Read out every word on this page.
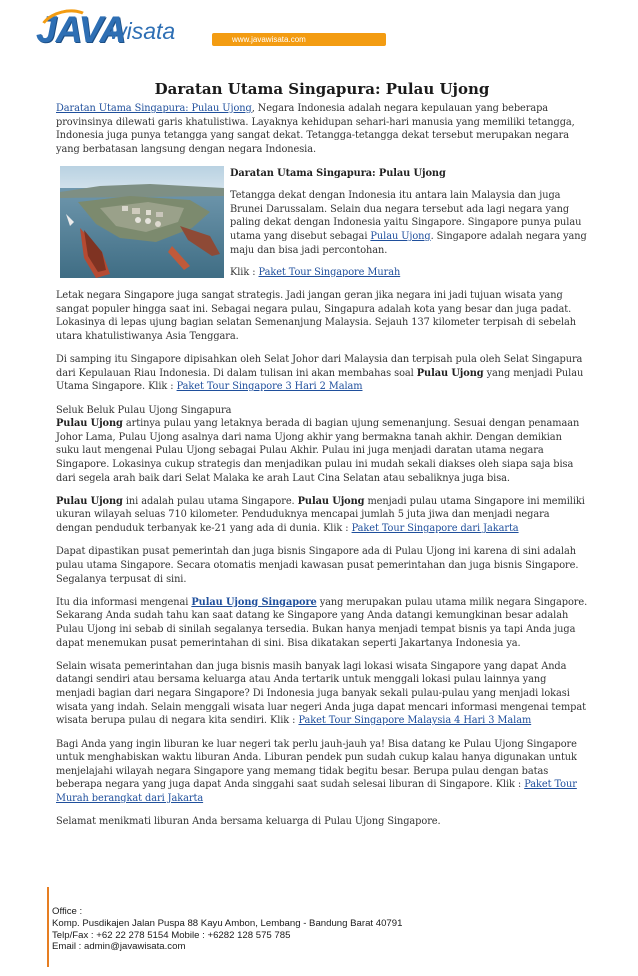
JAVA
wisata	www.javawisata.com
Daratan Utama Singapura: Pulau Ujong

Daratan Utama Singapura: Pulau Ujong, Negara Indonesia adalah negara kepulauan yang beberapa provinsinya dilewati garis khatulistiwa. Layaknya kehidupan sehari-hari manusia yang memiliki tetangga, Indonesia juga punya tetangga yang sangat dekat. Tetangga-tetangga dekat tersebut merupakan negara yang berbatasan langsung dengan negara Indonesia.

Daratan Utama Singapura: Pulau Ujong

Tetangga dekat dengan Indonesia itu antara lain Malaysia dan juga Brunei Darussalam. Selain dua negara tersebut ada lagi negara yang paling dekat dengan Indonesia yaitu Singapore. Singapore punya pulau utama yang disebut sebagai Pulau Ujong. Singapore adalah negara yang maju dan bisa jadi percontohan.

Klik : Paket Tour Singapore Murah

Letak negara Singapore juga sangat strategis. Jadi jangan geran jika negara ini jadi tujuan wisata yang sangat populer hingga saat ini. Sebagai negara pulau, Singapura adalah kota yang besar dan juga padat. Lokasinya di lepas ujung bagian selatan Semenanjung Malaysia. Sejauh 137 kilometer terpisah di sebelah utara khatulistiwanya Asia Tenggara.

Di samping itu Singapore dipisahkan oleh Selat Johor dari Malaysia dan terpisah pula oleh Selat Singapura dari Kepulauan Riau Indonesia. Di dalam tulisan ini akan membahas soal Pulau Ujong yang menjadi Pulau Utama Singapore. Klik : Paket Tour Singapore 3 Hari 2 Malam

Seluk Beluk Pulau Ujong Singapura
Pulau Ujong artinya pulau yang letaknya berada di bagian ujung semenanjung. Sesuai dengan penamaan Johor Lama, Pulau Ujong asalnya dari nama Ujong akhir yang bermakna tanah akhir. Dengan demikian suku laut mengenai Pulau Ujong sebagai Pulau Akhir. Pulau ini juga menjadi daratan utama negara Singapore. Lokasinya cukup strategis dan menjadikan pulau ini mudah sekali diakses oleh siapa saja bisa dari segela arah baik dari Selat Malaka ke arah Laut Cina Selatan atau sebaliknya juga bisa.

Pulau Ujong ini adalah pulau utama Singapore. Pulau Ujong menjadi pulau utama Singapore ini memiliki ukuran wilayah seluas 710 kilometer. Penduduknya mencapai jumlah 5 juta jiwa dan menjadi negara dengan penduduk terbanyak ke-21 yang ada di dunia. Klik : Paket Tour Singapore dari Jakarta

Dapat dipastikan pusat pemerintah dan juga bisnis Singapore ada di Pulau Ujong ini karena di sini adalah pulau utama Singapore. Secara otomatis menjadi kawasan pusat pemerintahan dan juga bisnis Singapore. Segalanya terpusat di sini.

Itu dia informasi mengenai Pulau Ujong Singapore yang merupakan pulau utama milik negara Singapore. Sekarang Anda sudah tahu kan saat datang ke Singapore yang Anda datangi kemungkinan besar adalah Pulau Ujong ini sebab di sinilah segalanya tersedia. Bukan hanya menjadi tempat bisnis ya tapi Anda juga dapat menemukan pusat pemerintahan di sini. Bisa dikatakan seperti Jakartanya Indonesia ya.

Selain wisata pemerintahan dan juga bisnis masih banyak lagi lokasi wisata Singapore yang dapat Anda datangi sendiri atau bersama keluarga atau Anda tertarik untuk menggali lokasi pulau lainnya yang menjadi bagian dari negara Singapore? Di Indonesia juga banyak sekali pulau-pulau yang menjadi lokasi wisata yang indah. Selain menggali wisata luar negeri Anda juga dapat mencari informasi mengenai tempat wisata berupa pulau di negara kita sendiri. Klik : Paket Tour Singapore Malaysia 4 Hari 3 Malam

Bagi Anda yang ingin liburan ke luar negeri tak perlu jauh-jauh ya! Bisa datang ke Pulau Ujong Singapore untuk menghabiskan waktu liburan Anda. Liburan pendek pun sudah cukup kalau hanya digunakan untuk menjelajahi wilayah negara Singapore yang memang tidak begitu besar. Berupa pulau dengan batas beberapa negara yang juga dapat Anda singgahi saat sudah selesai liburan di Singapore. Klik : Paket Tour Murah berangkat dari Jakarta

Selamat menikmati liburan Anda bersama keluarga di Pulau Ujong Singapore.

Office :
Komp. Pusdikajen Jalan Puspa 88 Kayu Ambon, Lembang - Bandung Barat 40791
Telp/Fax : +62 22 278 5154 Mobile : +6282 128 575 785
Email : admin@javawisata.com
